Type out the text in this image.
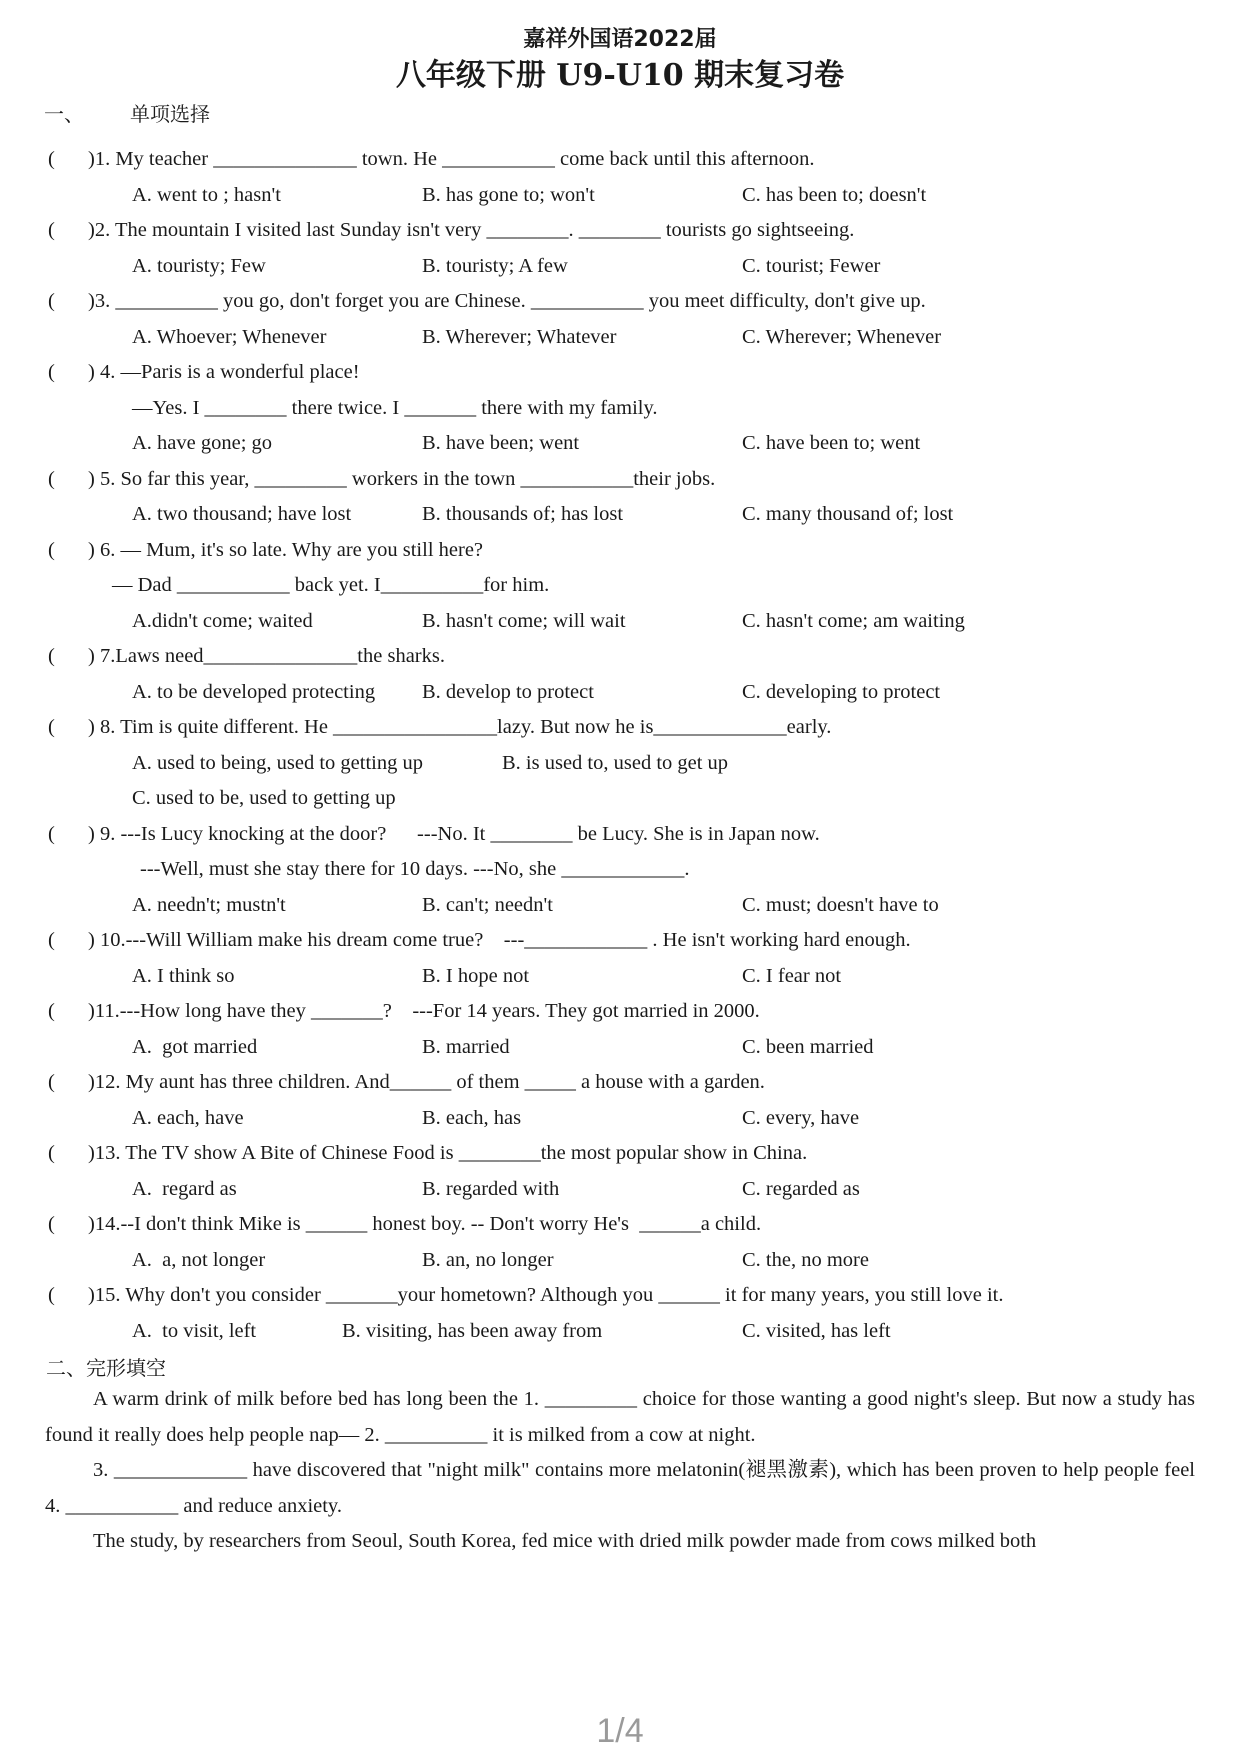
嘉祥外国语2022届
八年级下册 U9-U10 期末复习卷
一、 单项选择
( )1. My teacher ______________ town. He ___________ come back until this afternoon.
A. went to ; hasn't	B. has gone to; won't	C. has been to; doesn't
( )2. The mountain I visited last Sunday isn't very ________. ________ tourists go sightseeing.
A. touristy; Few	B. touristy; A few	C. tourist; Fewer
( )3. __________ you go, don't forget you are Chinese. ___________ you meet difficulty, don't give up.
A. Whoever; Whenever	B. Wherever; Whatever	C. Wherever; Whenever
( ) 4. —Paris is a wonderful place!
—Yes. I ________ there twice. I _______ there with my family.
A. have gone; go	B. have been; went	C. have been to; went
( ) 5. So far this year, _________ workers in the town ___________their jobs.
A. two thousand; have lost	B. thousands of; has lost	C. many thousand of; lost
( ) 6. — Mum, it's so late. Why are you still here?
— Dad ___________ back yet. I__________for him.
A.didn't come; waited	B. hasn't come; will wait	C. hasn't come; am waiting
( ) 7.Laws need_______________the sharks.
A. to be developed protecting	B. develop to protect	C. developing to protect
( ) 8. Tim is quite different. He ________________lazy. But now he is_____________early.
A. used to being, used to getting up	B. is used to, used to get up
C. used to be, used to getting up
( ) 9. ---Is Lucy knocking at the door?      ---No. It ________ be Lucy. She is in Japan now.
---Well, must she stay there for 10 days. ---No, she ____________.
A. needn't; mustn't	B. can't; needn't	C. must; doesn't have to
( ) 10.---Will William make his dream come true?    ---____________ . He isn't working hard enough.
A. I think so	B. I hope not	C. I fear not
( )11.---How long have they _______?    ---For 14 years. They got married in 2000.
A.  got married	B. married	C. been married
( )12. My aunt has three children. And______ of them _____ a house with a garden.
A. each, have	B. each, has	C. every, have
( )13. The TV show A Bite of Chinese Food is ________the most popular show in China.
A.  regard as	B. regarded with	C. regarded as
( )14.--I don't think Mike is ______ honest boy. -- Don't worry He's  ______a child.
A.  a, not longer	B. an, no longer	C. the, no more
( )15. Why don't you consider _______your hometown? Although you ______ it for many years, you still love it.
A.  to visit, left	B. visiting, has been away from	C. visited, has left
二、完形填空

A warm drink of milk before bed has long been the 1. _________ choice for those wanting a good night's sleep. But now a study has found it really does help people nap— 2. __________ it is milked from a cow at night.

3. _____________ have discovered that "night milk" contains more melatonin(褪黑激素), which has been proven to help people feel 4. ___________ and reduce anxiety.

The study, by researchers from Seoul, South Korea, fed mice with dried milk powder made from cows milked both

1/4
